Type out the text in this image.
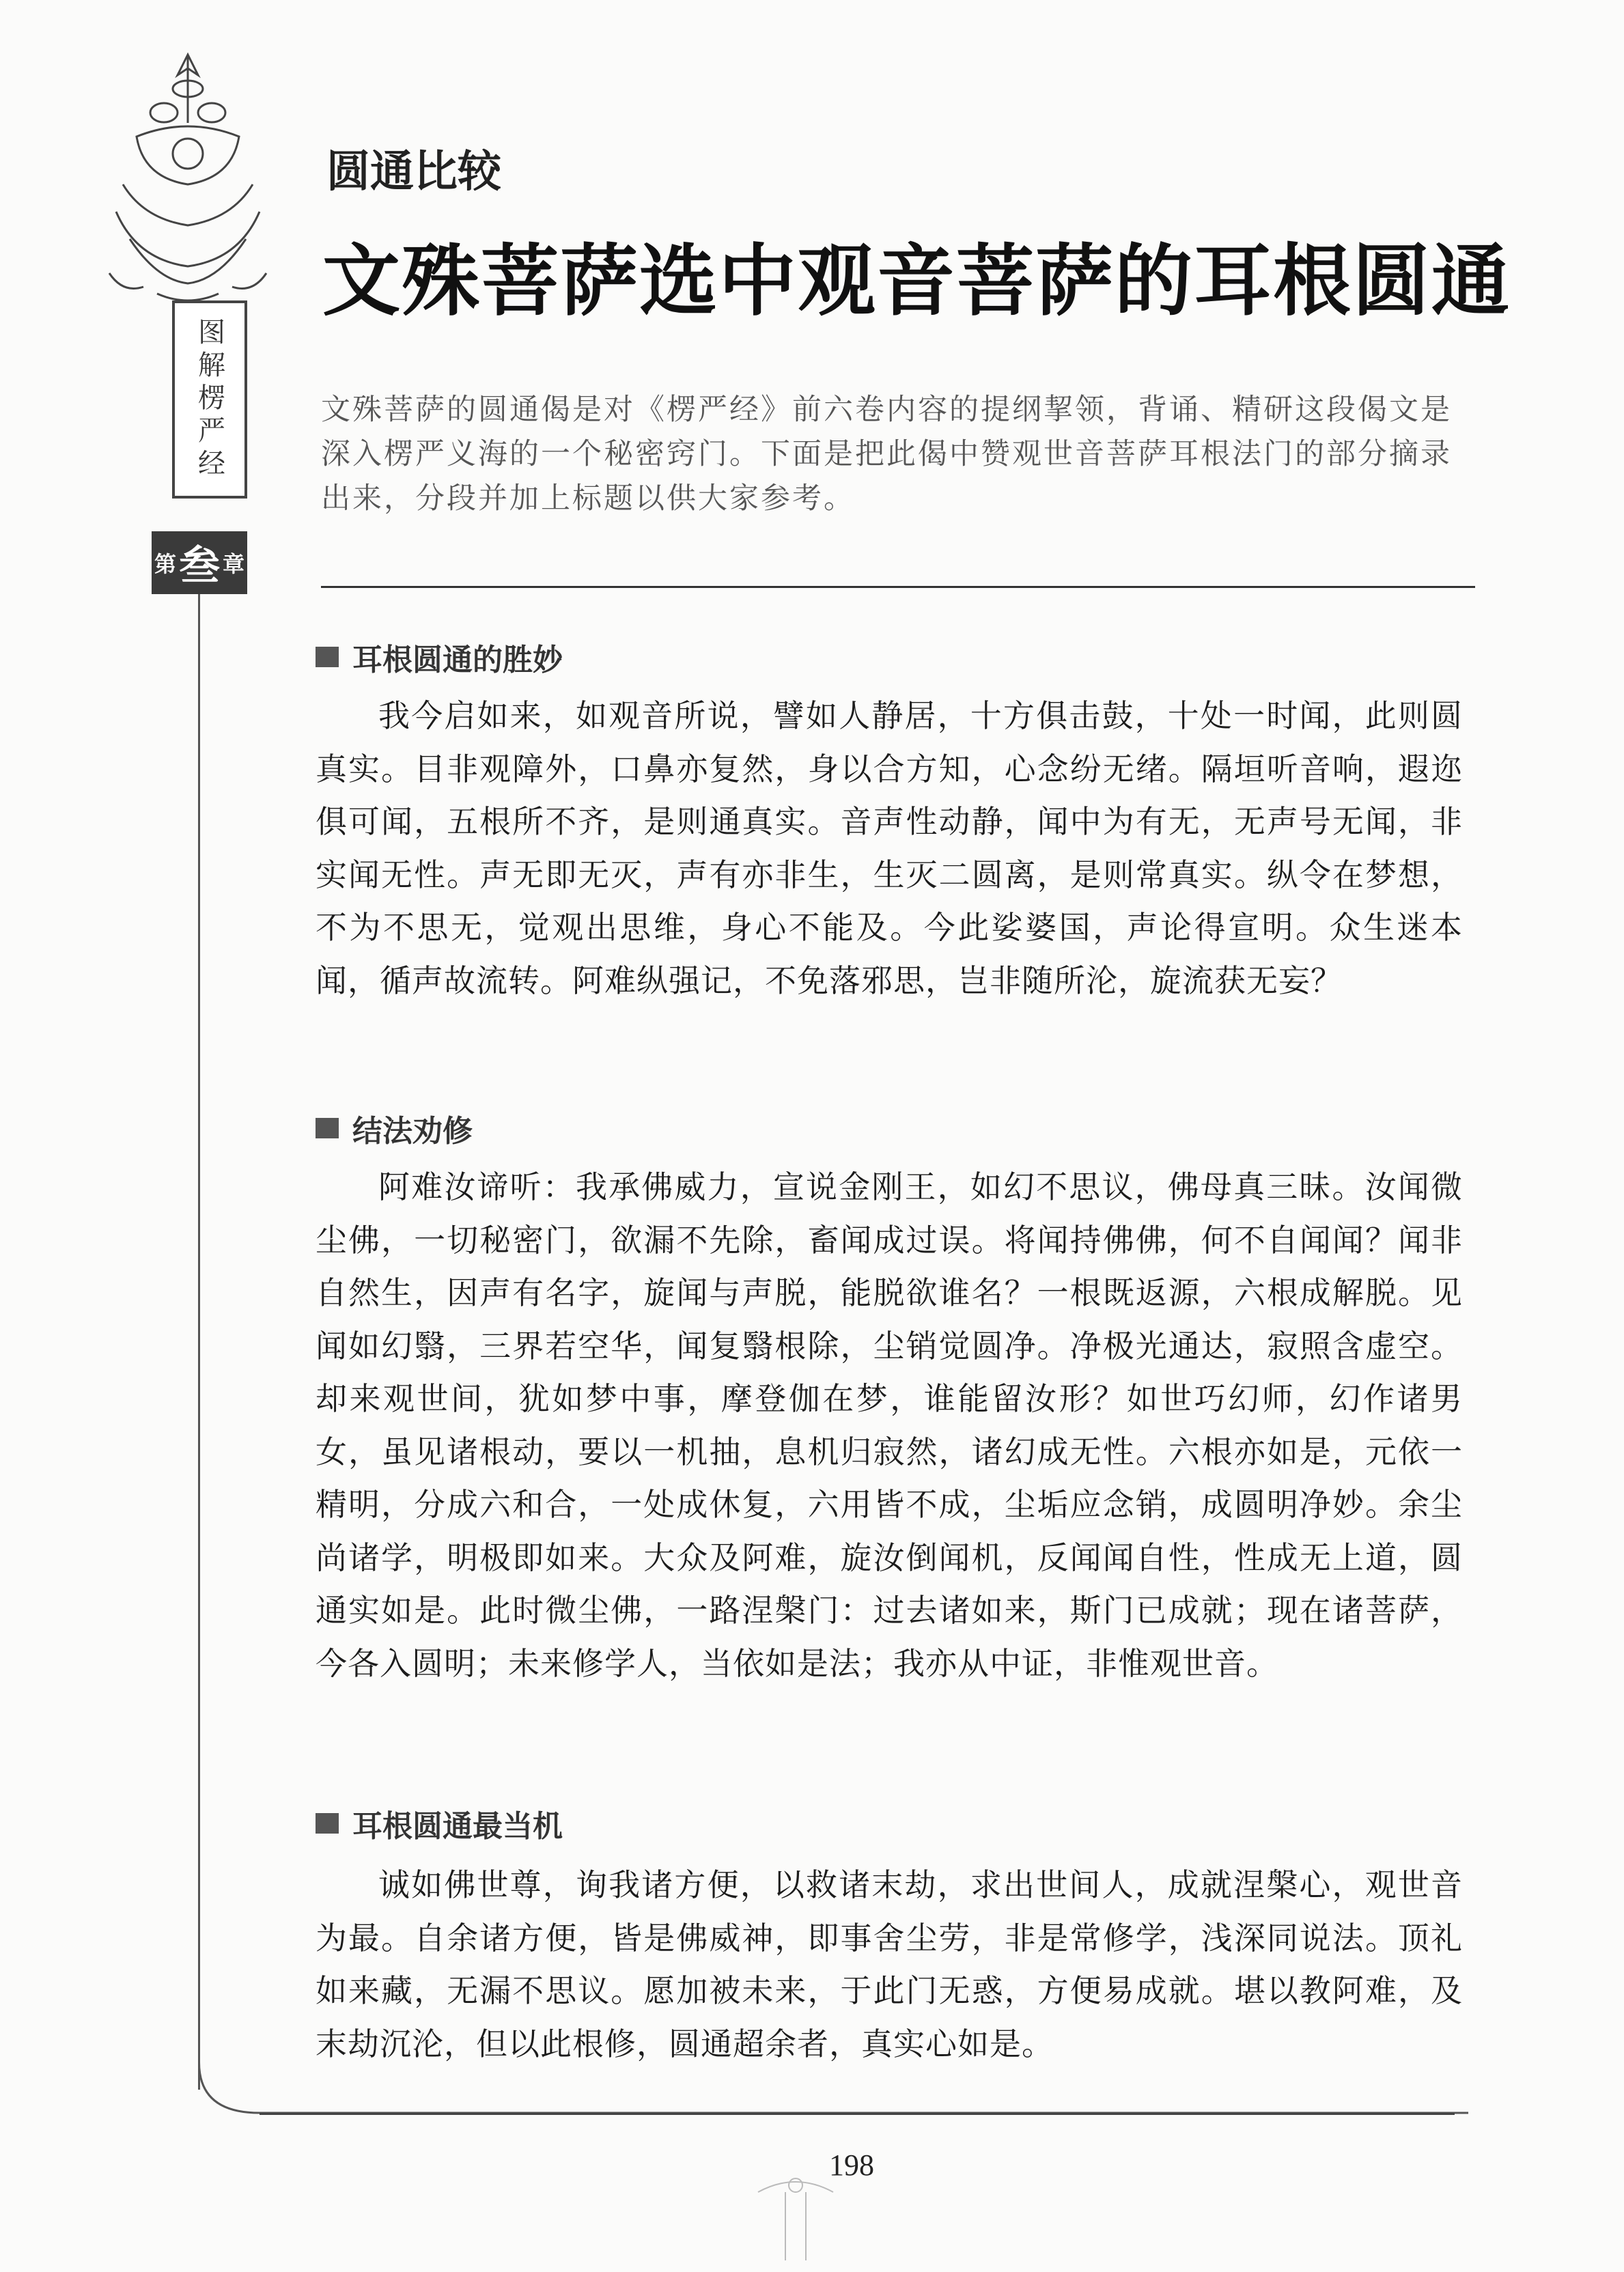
图解楞严经
第 叁 章
圆通比较
文殊菩萨选中观音菩萨的耳根圆通

文殊菩萨的圆通偈是对《楞严经》前六卷内容的提纲挈领，背诵、精研这段偈文是深入楞严义海的一个秘密窍门。下面是把此偈中赞观世音菩萨耳根法门的部分摘录出来，分段并加上标题以供大家参考。

耳根圆通的胜妙

我今启如来，如观音所说，譬如人静居，十方俱击鼓，十处一时闻，此则圆真实。目非观障外，口鼻亦复然，身以合方知，心念纷无绪。隔垣听音响，遐迩俱可闻，五根所不齐，是则通真实。音声性动静，闻中为有无，无声号无闻，非实闻无性。声无即无灭，声有亦非生，生灭二圆离，是则常真实。纵令在梦想，不为不思无，觉观出思维，身心不能及。今此娑婆国，声论得宣明。众生迷本闻，循声故流转。阿难纵强记，不免落邪思，岂非随所沦，旋流获无妄？

结法劝修

阿难汝谛听：我承佛威力，宣说金刚王，如幻不思议，佛母真三昧。汝闻微尘佛，一切秘密门，欲漏不先除，畜闻成过误。将闻持佛佛，何不自闻闻？闻非自然生，因声有名字，旋闻与声脱，能脱欲谁名？一根既返源，六根成解脱。见闻如幻翳，三界若空华，闻复翳根除，尘销觉圆净。净极光通达，寂照含虚空。却来观世间，犹如梦中事，摩登伽在梦，谁能留汝形？如世巧幻师，幻作诸男女，虽见诸根动，要以一机抽，息机归寂然，诸幻成无性。六根亦如是，元依一精明，分成六和合，一处成休复，六用皆不成，尘垢应念销，成圆明净妙。余尘尚诸学，明极即如来。大众及阿难，旋汝倒闻机，反闻闻自性，性成无上道，圆通实如是。此时微尘佛，一路涅槃门：过去诸如来，斯门已成就；现在诸菩萨，今各入圆明；未来修学人，当依如是法；我亦从中证，非惟观世音。

耳根圆通最当机

诚如佛世尊，询我诸方便，以救诸末劫，求出世间人，成就涅槃心，观世音为最。自余诸方便，皆是佛威神，即事舍尘劳，非是常修学，浅深同说法。顶礼如来藏，无漏不思议。愿加被未来，于此门无惑，方便易成就。堪以教阿难，及末劫沉沦，但以此根修，圆通超余者，真实心如是。

198
